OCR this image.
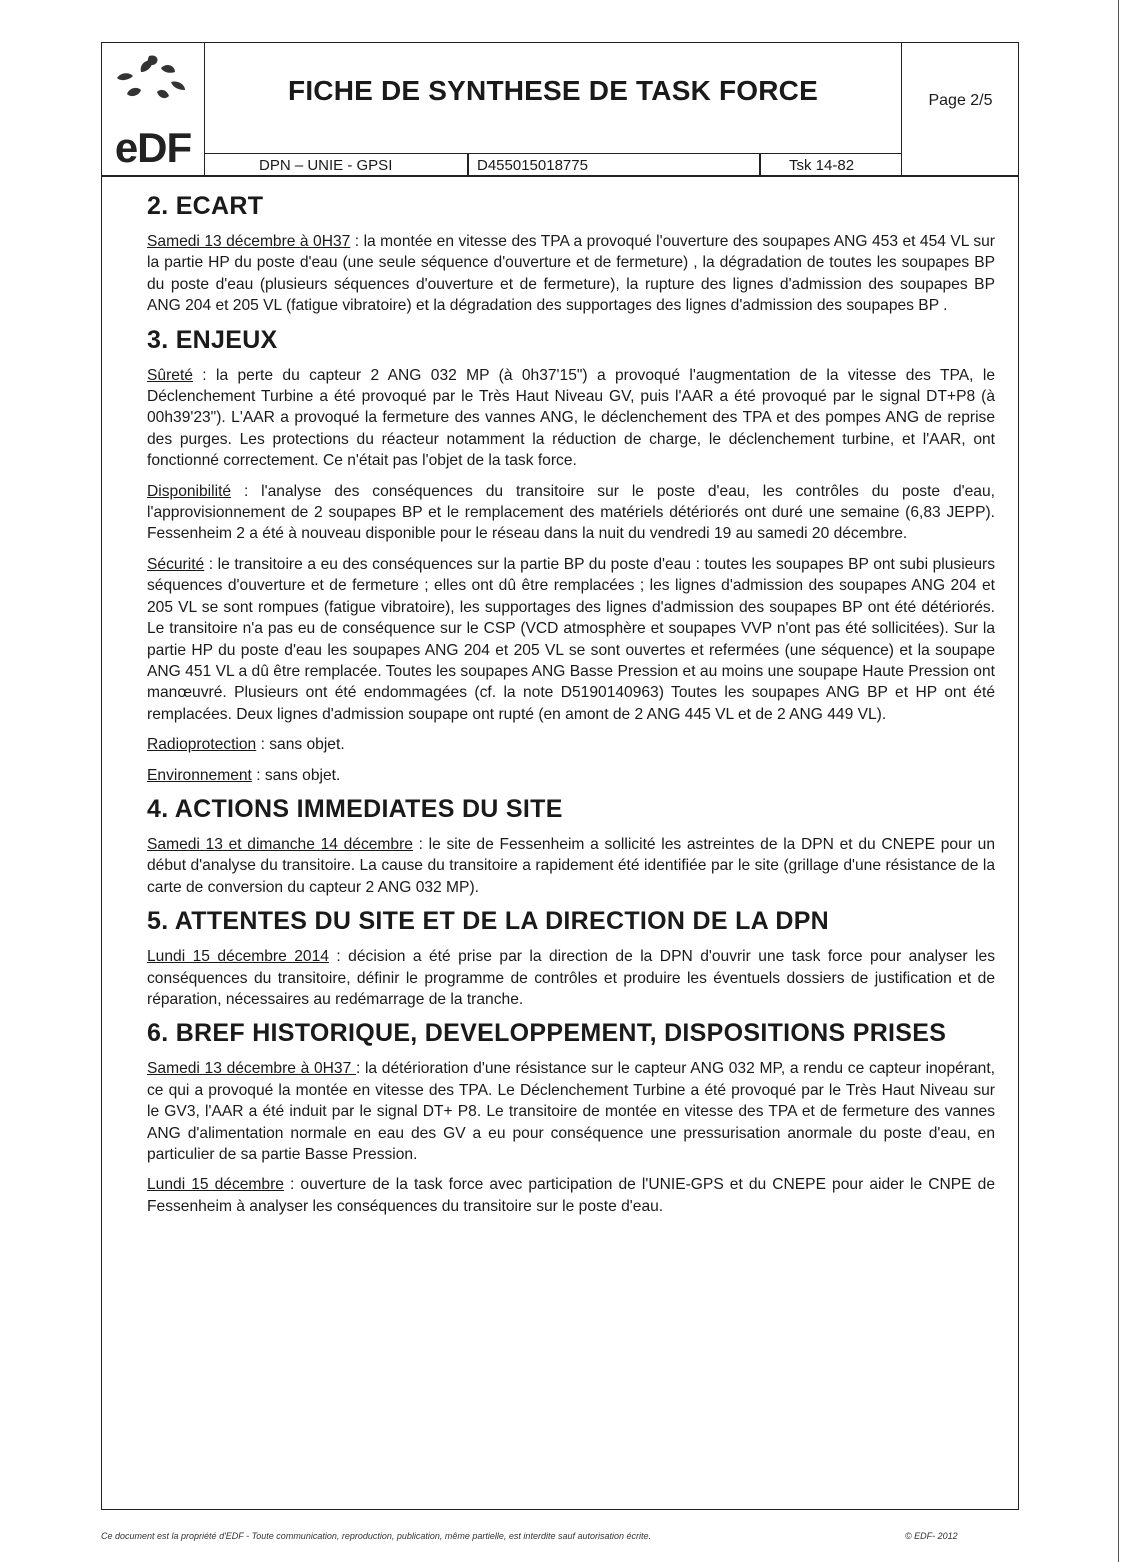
eDF
FICHE DE SYNTHESE DE TASK FORCE	Page 2/5
DPN – UNIE - GPSI	D455015018775	Tsk 14-82
2. ECART

Samedi 13 décembre à 0H37 : la montée en vitesse des TPA a provoqué l'ouverture des soupapes ANG 453 et 454 VL sur la partie HP du poste d'eau (une seule séquence d'ouverture et de fermeture) , la dégradation de toutes les soupapes BP du poste d'eau (plusieurs séquences d'ouverture et de fermeture), la rupture des lignes d'admission des soupapes BP ANG 204 et 205 VL (fatigue vibratoire) et la dégradation des supportages des lignes d'admission des soupapes BP .

3. ENJEUX

Sûreté : la perte du capteur 2 ANG 032 MP (à 0h37'15") a provoqué l'augmentation de la vitesse des TPA, le Déclenchement Turbine a été provoqué par le Très Haut Niveau GV, puis l'AAR a été provoqué par le signal DT+P8 (à 00h39'23"). L'AAR a provoqué la fermeture des vannes ANG, le déclenchement des TPA et des pompes ANG de reprise des purges. Les protections du réacteur notamment la réduction de charge, le déclenchement turbine, et l'AAR, ont fonctionné correctement. Ce n'était pas l'objet de la task force.

Disponibilité : l'analyse des conséquences du transitoire sur le poste d'eau, les contrôles du poste d'eau, l'approvisionnement de 2 soupapes BP et le remplacement des matériels détériorés ont duré une semaine (6,83 JEPP). Fessenheim 2 a été à nouveau disponible pour le réseau dans la nuit du vendredi 19 au samedi 20 décembre.

Sécurité : le transitoire a eu des conséquences sur la partie BP du poste d'eau : toutes les soupapes BP ont subi plusieurs séquences d'ouverture et de fermeture ; elles ont dû être remplacées ; les lignes d'admission des soupapes ANG 204 et 205 VL se sont rompues (fatigue vibratoire), les supportages des lignes d'admission des soupapes BP ont été détériorés. Le transitoire n'a pas eu de conséquence sur le CSP (VCD atmosphère et soupapes VVP n'ont pas été sollicitées). Sur la partie HP du poste d'eau les soupapes ANG 204 et 205 VL se sont ouvertes et refermées (une séquence) et la soupape ANG 451 VL a dû être remplacée. Toutes les soupapes ANG Basse Pression et au moins une soupape Haute Pression ont manœuvré. Plusieurs ont été endommagées (cf. la note D5190140963) Toutes les soupapes ANG BP et HP ont été remplacées. Deux lignes d'admission soupape ont rupté (en amont de 2 ANG 445 VL et de 2 ANG 449 VL).

Radioprotection : sans objet.

Environnement : sans objet.

4. ACTIONS IMMEDIATES DU SITE

Samedi 13 et dimanche 14 décembre : le site de Fessenheim a sollicité les astreintes de la DPN et du CNEPE pour un début d'analyse du transitoire. La cause du transitoire a rapidement été identifiée par le site (grillage d'une résistance de la carte de conversion du capteur 2 ANG 032 MP).

5. ATTENTES DU SITE ET DE LA DIRECTION DE LA DPN

Lundi 15 décembre 2014 : décision a été prise par la direction de la DPN d'ouvrir une task force pour analyser les conséquences du transitoire, définir le programme de contrôles et produire les éventuels dossiers de justification et de réparation, nécessaires au redémarrage de la tranche.

6. BREF HISTORIQUE, DEVELOPPEMENT, DISPOSITIONS PRISES

Samedi 13 décembre à 0H37 : la détérioration d'une résistance sur le capteur ANG 032 MP, a rendu ce capteur inopérant, ce qui a provoqué la montée en vitesse des TPA. Le Déclenchement Turbine a été provoqué par le Très Haut Niveau sur le GV3, l'AAR a été induit par le signal DT+ P8. Le transitoire de montée en vitesse des TPA et de fermeture des vannes ANG d'alimentation normale en eau des GV a eu pour conséquence une pressurisation anormale du poste d'eau, en particulier de sa partie Basse Pression.

Lundi 15 décembre : ouverture de la task force avec participation de l'UNIE-GPS et du CNEPE pour aider le CNPE de Fessenheim à analyser les conséquences du transitoire sur le poste d'eau.

Ce document est la propriété d'EDF - Toute communication, reproduction, publication, même partielle, est interdite sauf autorisation écrite.	© EDF- 2012
